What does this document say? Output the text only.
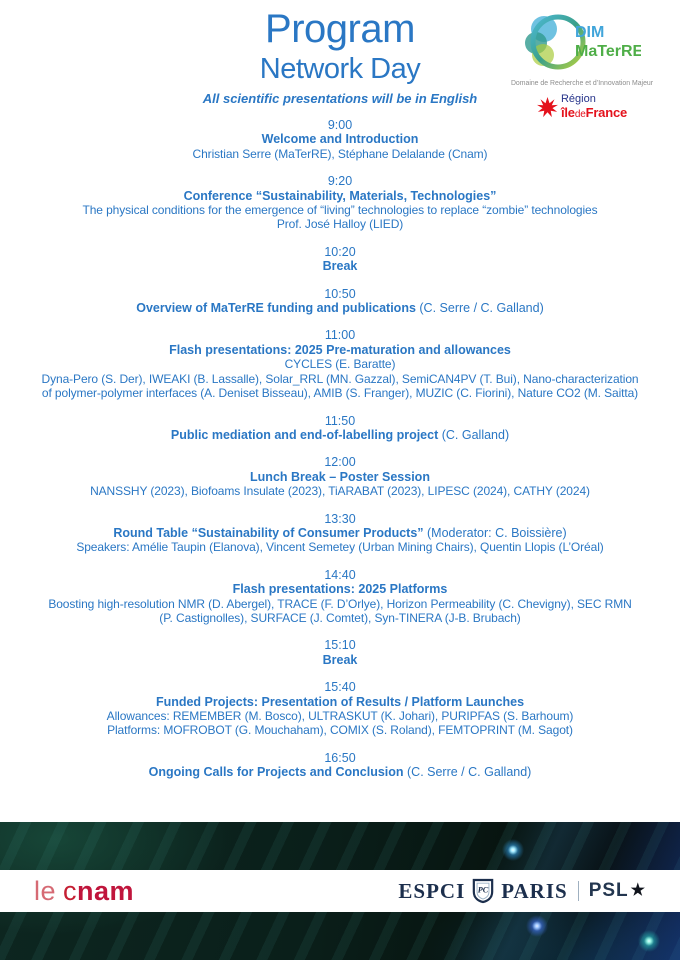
Program
Network Day
All scientific presentations will be in English
DIM
MaTerRE
Domaine de Recherche et d’Innovation Majeur
Région
îledeFrance
9:00
Welcome and Introduction
Christian Serre (MaTerRE), Stéphane Delalande (Cnam)
9:20
Conference “Sustainability, Materials, Technologies”
The physical conditions for the emergence of “living” technologies to replace “zombie” technologies
Prof. José Halloy (LIED)
10:20
Break
10:50
Overview of MaTerRE funding and publications (C. Serre / C. Galland)
11:00
Flash presentations: 2025 Pre-maturation and allowances
CYCLES (E. Baratte)
Dyna-Pero (S. Der), IWEAKI (B. Lassalle), Solar_RRL (MN. Gazzal), SemiCAN4PV (T. Bui), Nano-characterization of polymer-polymer interfaces (A. Deniset Bisseau), AMIB (S. Franger), MUZIC (C. Fiorini), Nature CO2 (M. Saitta)
11:50
Public mediation and end-of-labelling project (C. Galland)
12:00
Lunch Break – Poster Session
NANSSHY (2023), Biofoams Insulate (2023), TiARABAT (2023), LIPESC (2024), CATHY (2024)
13:30
Round Table “Sustainability of Consumer Products” (Moderator: C. Boissière)
Speakers: Amélie Taupin (Elanova), Vincent Semetey (Urban Mining Chairs), Quentin Llopis (L’Oréal)
14:40
Flash presentations: 2025 Platforms
Boosting high-resolution NMR (D. Abergel), TRACE (F. D’Orlye), Horizon Permeability (C. Chevigny), SEC RMN (P. Castignolles), SURFACE (J. Comtet), Syn-TINERA (J-B. Brubach)
15:10
Break
15:40
Funded Projects: Presentation of Results / Platform Launches
Allowances: REMEMBER (M. Bosco), ULTRASKUT (K. Johari), PURIPFAS (S. Barhoum)
Platforms: MOFROBOT (G. Mouchaham), COMIX (S. Roland), FEMTOPRINT (M. Sagot)
16:50
Ongoing Calls for Projects and Conclusion (C. Serre / C. Galland)
le cnam	ESPCI PC PARIS PSL ★
